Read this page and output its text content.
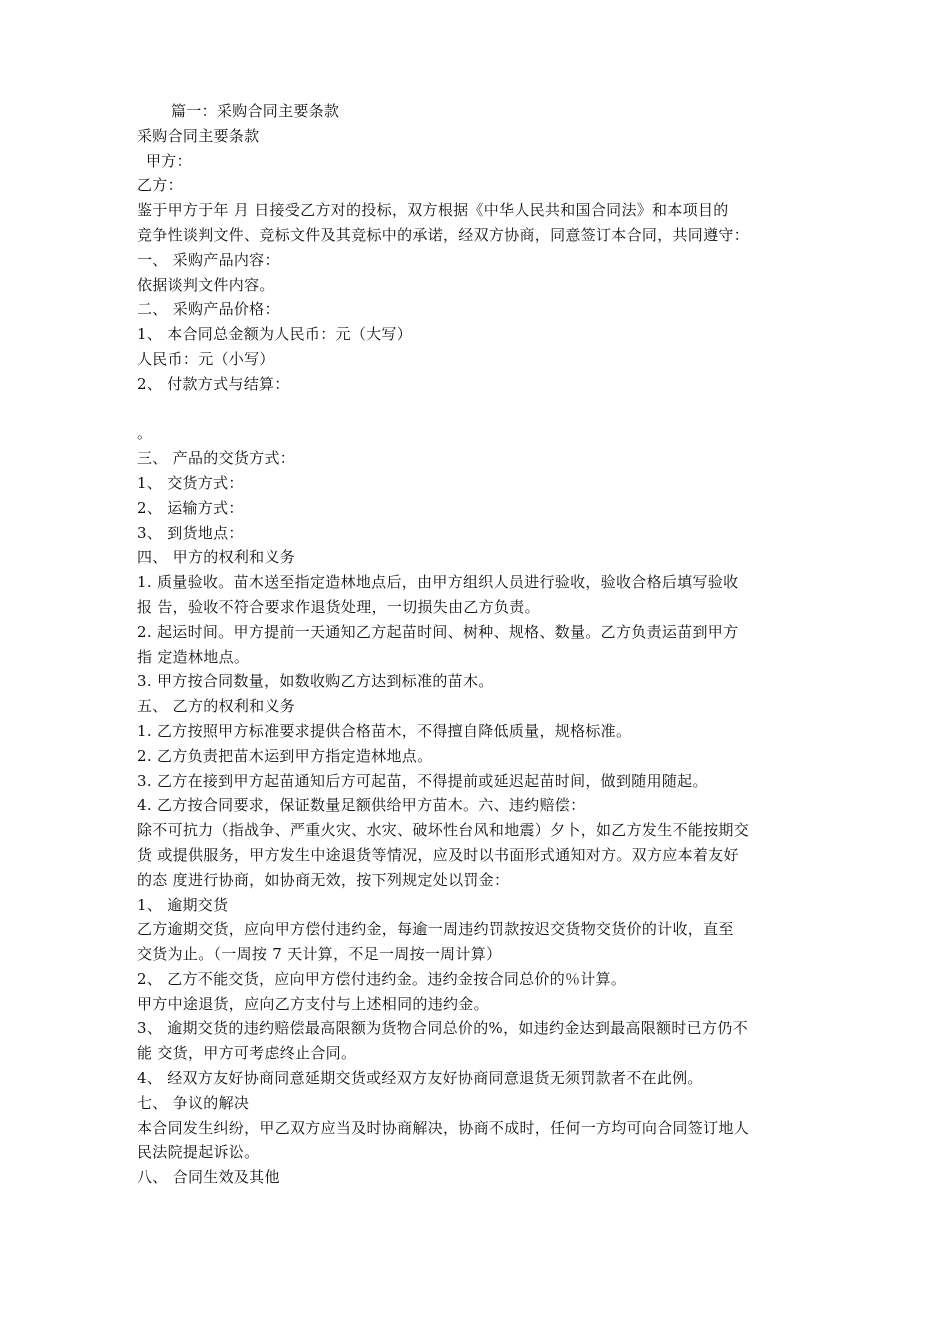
篇一：采购合同主要条款
采购合同主要条款
甲方：
乙方：
鉴于甲方于年 月 日接受乙方对的投标，双方根据《中华人民共和国合同法》和本项目的
竞争性谈判文件、竞标文件及其竞标中的承诺，经双方协商，同意签订本合同，共同遵守：
一、 采购产品内容：
依据谈判文件内容。
二、 采购产品价格：
1、 本合同总金额为人民币：元（大写）
人民币：元（小写）
2、 付款方式与结算：
。
三、 产品的交货方式：
1、 交货方式：
2、 运输方式：
3、 到货地点：
四、 甲方的权利和义务
1. 质量验收。苗木送至指定造林地点后，由甲方组织人员进行验收，验收合格后填写验收
报 告，验收不符合要求作退货处理，一切损失由乙方负责。
2. 起运时间。甲方提前一天通知乙方起苗时间、树种、规格、数量。乙方负责运苗到甲方
指 定造林地点。
3. 甲方按合同数量，如数收购乙方达到标准的苗木。
五、 乙方的权利和义务
1. 乙方按照甲方标准要求提供合格苗木，不得擅自降低质量，规格标准。
2. 乙方负责把苗木运到甲方指定造林地点。
3. 乙方在接到甲方起苗通知后方可起苗，不得提前或延迟起苗时间，做到随用随起。
4. 乙方按合同要求，保证数量足额供给甲方苗木。六、违约赔偿：
除不可抗力（指战争、严重火灾、水灾、破坏性台风和地震）夕卜，如乙方发生不能按期交
货 或提供服务，甲方发生中途退货等情况，应及时以书面形式通知对方。双方应本着友好
的态 度进行协商，如协商无效，按下列规定处以罚金：
1、 逾期交货
乙方逾期交货，应向甲方偿付违约金，每逾一周违约罚款按迟交货物交货价的计收，直至
交货为止。（一周按 7 天计算，不足一周按一周计算）
2、 乙方不能交货，应向甲方偿付违约金。违约金按合同总价的％计算。
甲方中途退货，应向乙方支付与上述相同的违约金。
3、 逾期交货的违约赔偿最高限额为货物合同总价的%，如违约金达到最高限额时已方仍不
能 交货，甲方可考虑终止合同。
4、 经双方友好协商同意延期交货或经双方友好协商同意退货无须罚款者不在此例。
七、 争议的解决
本合同发生纠纷，甲乙双方应当及时协商解决，协商不成时，任何一方均可向合同签订地人
民法院提起诉讼。
八、 合同生效及其他
